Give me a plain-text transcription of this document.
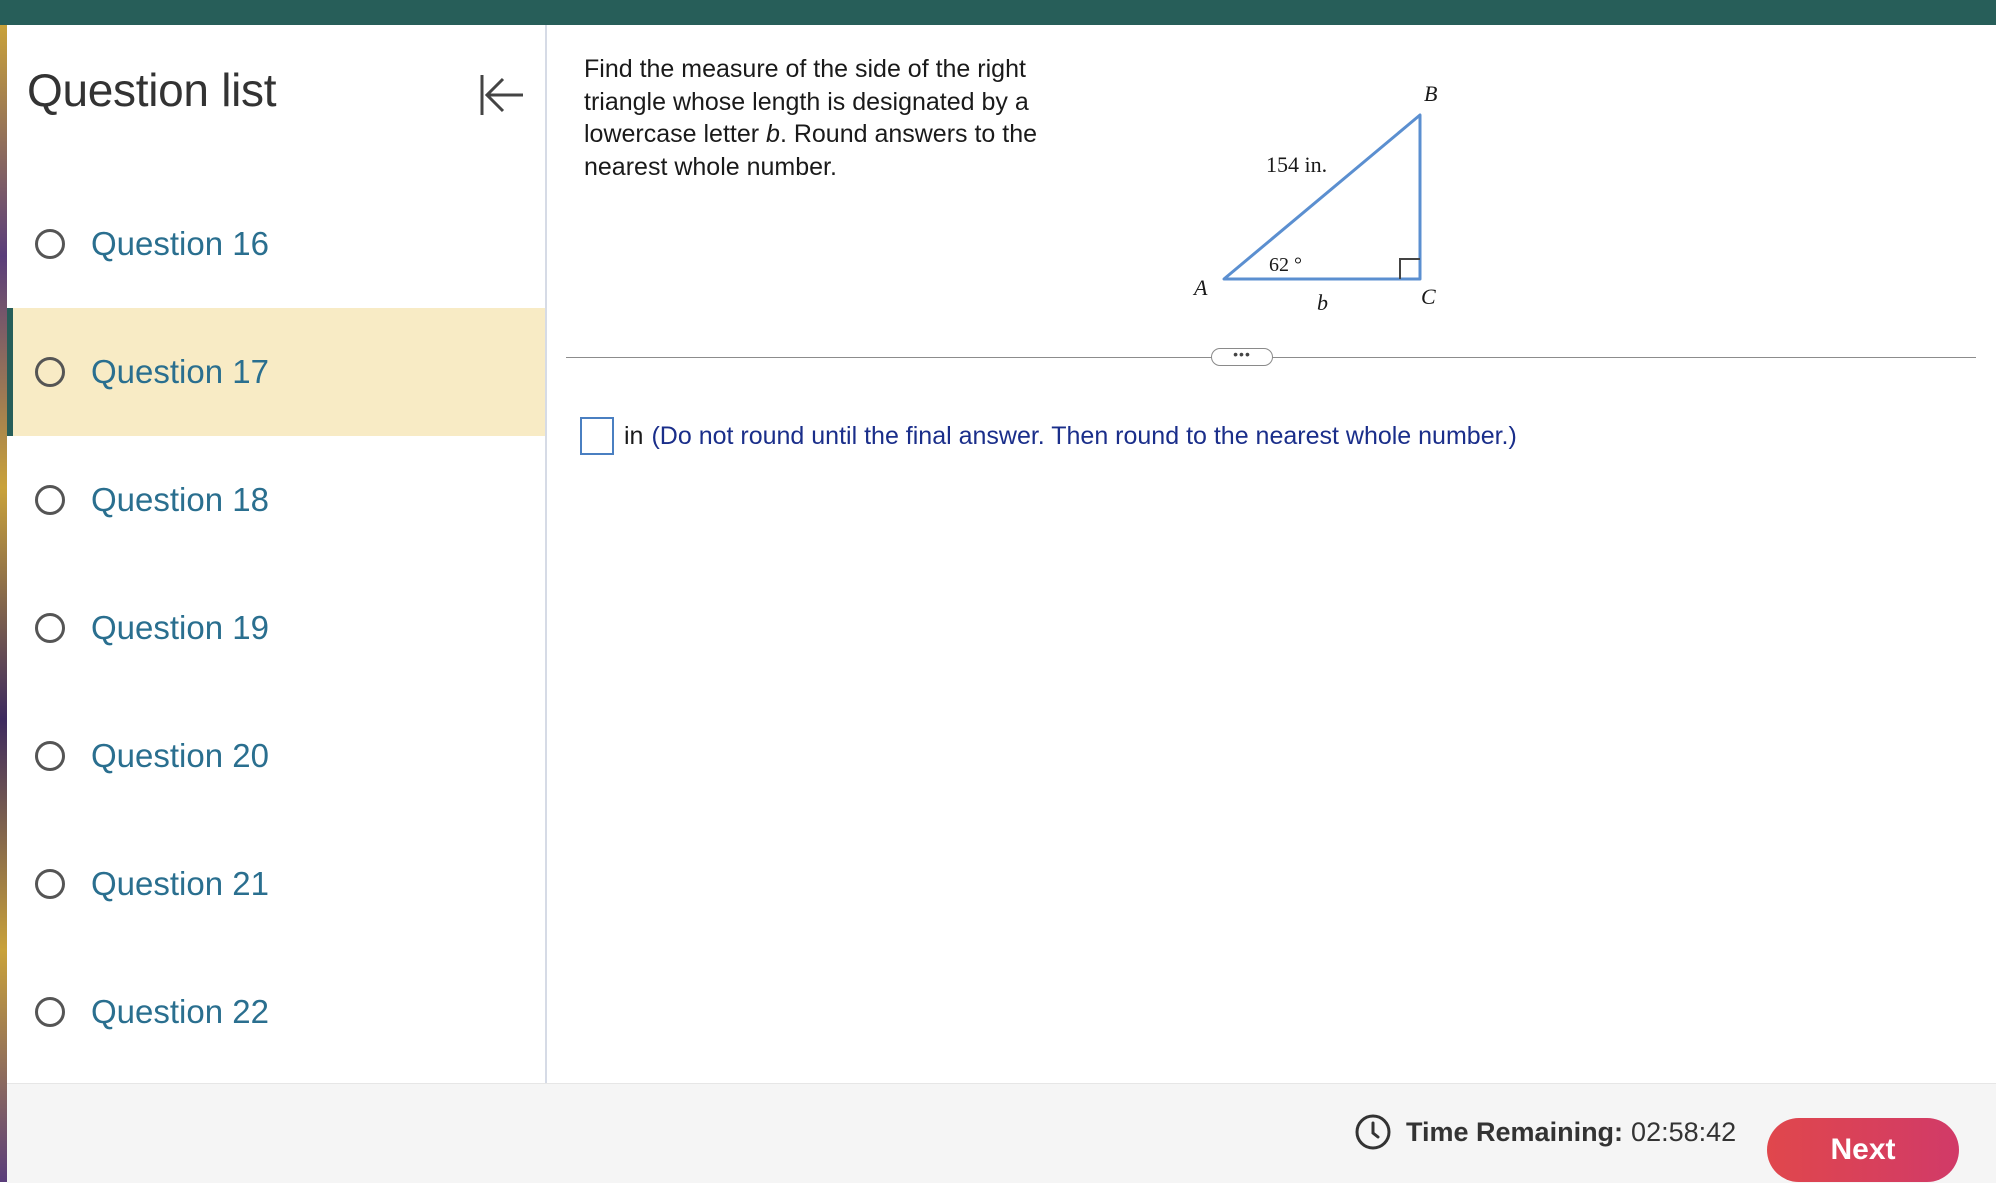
Question list
Question 16
Question 17
Question 18
Question 19
Question 20
Question 21
Question 22

Find the measure of the side of the right triangle whose length is designated by a lowercase letter b. Round answers to the nearest whole number.

B
154 in.
62 °
A
b	C
•••
in (Do not round until the final answer. Then round to the nearest whole number.)
Time Remaining: 02:58:42
Next
